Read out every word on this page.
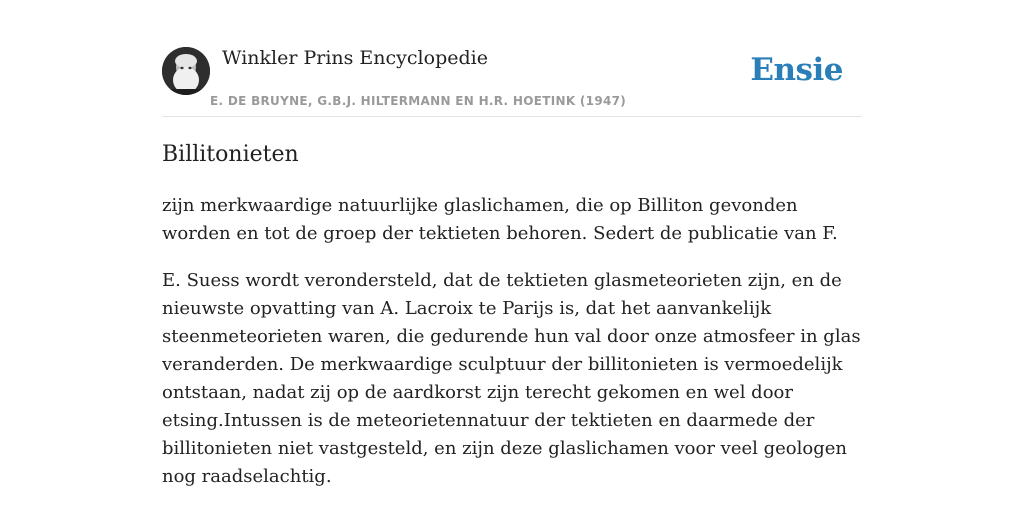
Winkler Prins Encyclopedie
E. DE BRUYNE, G.B.J. HILTERMANN EN H.R. HOETINK (1947)
Ensie
Billitonieten

zijn merkwaardige natuurlijke glaslichamen, die op Billiton gevonden worden en tot de groep der tektieten behoren. Sedert de publicatie van F.

E. Suess wordt verondersteld, dat de tektieten glasmeteorieten zijn, en de nieuwste opvatting van A. Lacroix te Parijs is, dat het aanvankelijk steenmeteorieten waren, die gedurende hun val door onze atmosfeer in glas veranderden. De merkwaardige sculptuur der billitonieten is vermoedelijk ontstaan, nadat zij op de aardkorst zijn terecht gekomen en wel door etsing.Intussen is de meteorietennatuur der tektieten en daarmede der billitonieten niet vastgesteld, en zijn deze glaslichamen voor veel geologen nog raadselachtig.
